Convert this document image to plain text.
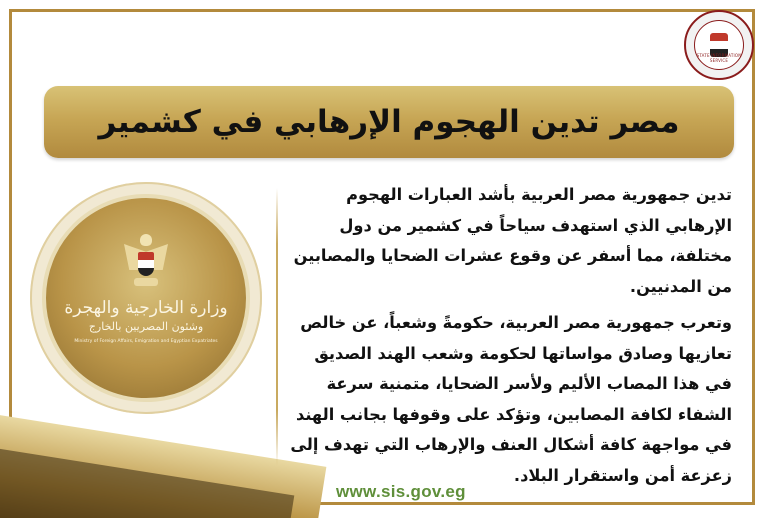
STATE INFORMATION SERVICE
مصر تدين الهجوم الإرهابي في كشمير
وزارة الخارجية والهجرة
وشئون المصريين بالخارج
Ministry of Foreign Affairs, Emigration and Egyptian Expatriates
تدين جمهورية مصر العربية بأشد العبارات الهجوم الإرهابي الذي استهدف سياحاً في كشمير من دول مختلفة، مما أسفر عن وقوع عشرات الضحايا والمصابين من المدنيين.
وتعرب جمهورية مصر العربية، حكومةً وشعباً، عن خالص تعازيها وصادق مواساتها لحكومة وشعب الهند الصديق في هذا المصاب الأليم ولأسر الضحايا، متمنية سرعة الشفاء لكافة المصابين، وتؤكد على وقوفها بجانب الهند في مواجهة كافة أشكال العنف والإرهاب التي تهدف إلى زعزعة أمن واستقرار البلاد.
www.sis.gov.eg
